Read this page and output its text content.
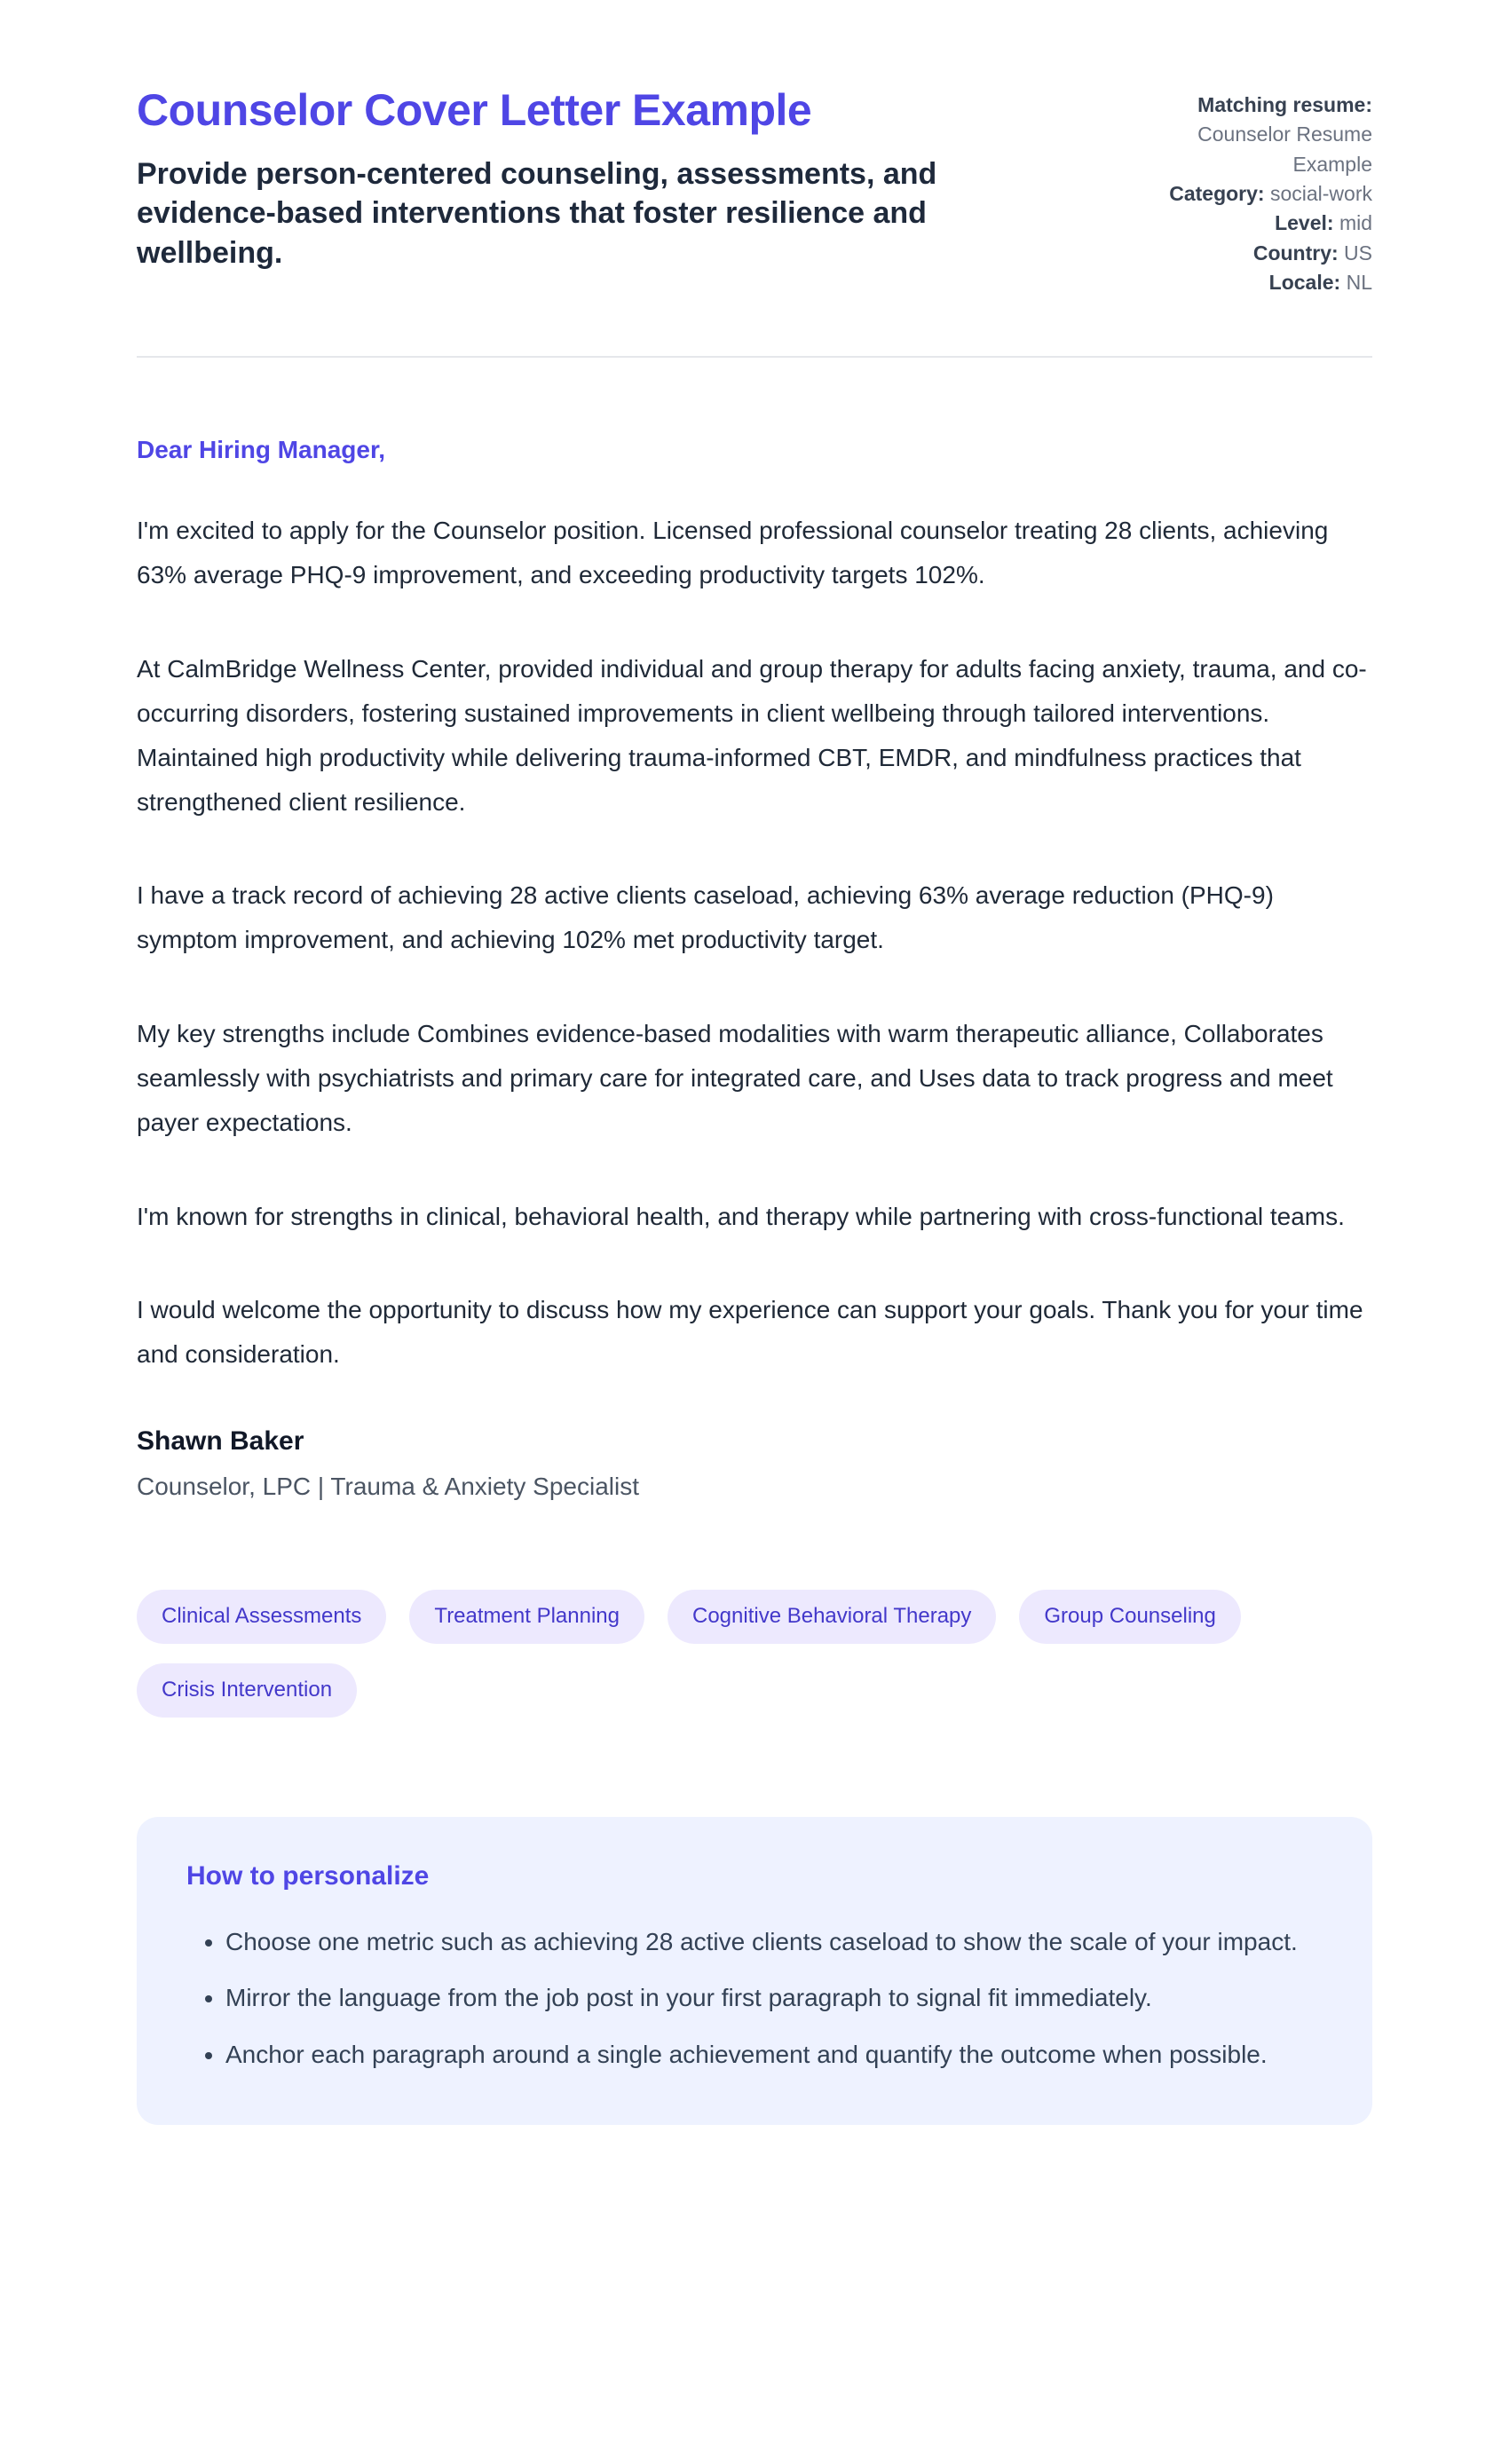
Counselor Cover Letter Example

Provide person-centered counseling, assessments, and evidence-based interventions that foster resilience and wellbeing.

Matching resume: Counselor Resume Example
Category: social-work
Level: mid
Country: US
Locale: NL

Dear Hiring Manager,

I'm excited to apply for the Counselor position. Licensed professional counselor treating 28 clients, achieving 63% average PHQ-9 improvement, and exceeding productivity targets 102%.

At CalmBridge Wellness Center, provided individual and group therapy for adults facing anxiety, trauma, and co-occurring disorders, fostering sustained improvements in client wellbeing through tailored interventions. Maintained high productivity while delivering trauma-informed CBT, EMDR, and mindfulness practices that strengthened client resilience.

I have a track record of achieving 28 active clients caseload, achieving 63% average reduction (PHQ-9) symptom improvement, and achieving 102% met productivity target.

My key strengths include Combines evidence-based modalities with warm therapeutic alliance, Collaborates seamlessly with psychiatrists and primary care for integrated care, and Uses data to track progress and meet payer expectations.

I'm known for strengths in clinical, behavioral health, and therapy while partnering with cross-functional teams.

I would welcome the opportunity to discuss how my experience can support your goals. Thank you for your time and consideration.

Shawn Baker
Counselor, LPC | Trauma & Anxiety Specialist
Clinical Assessments	Treatment Planning	Cognitive Behavioral Therapy	Group Counseling
Crisis Intervention
How to personalize
• Choose one metric such as achieving 28 active clients caseload to show the scale of your impact.
• Mirror the language from the job post in your first paragraph to signal fit immediately.
• Anchor each paragraph around a single achievement and quantify the outcome when possible.
